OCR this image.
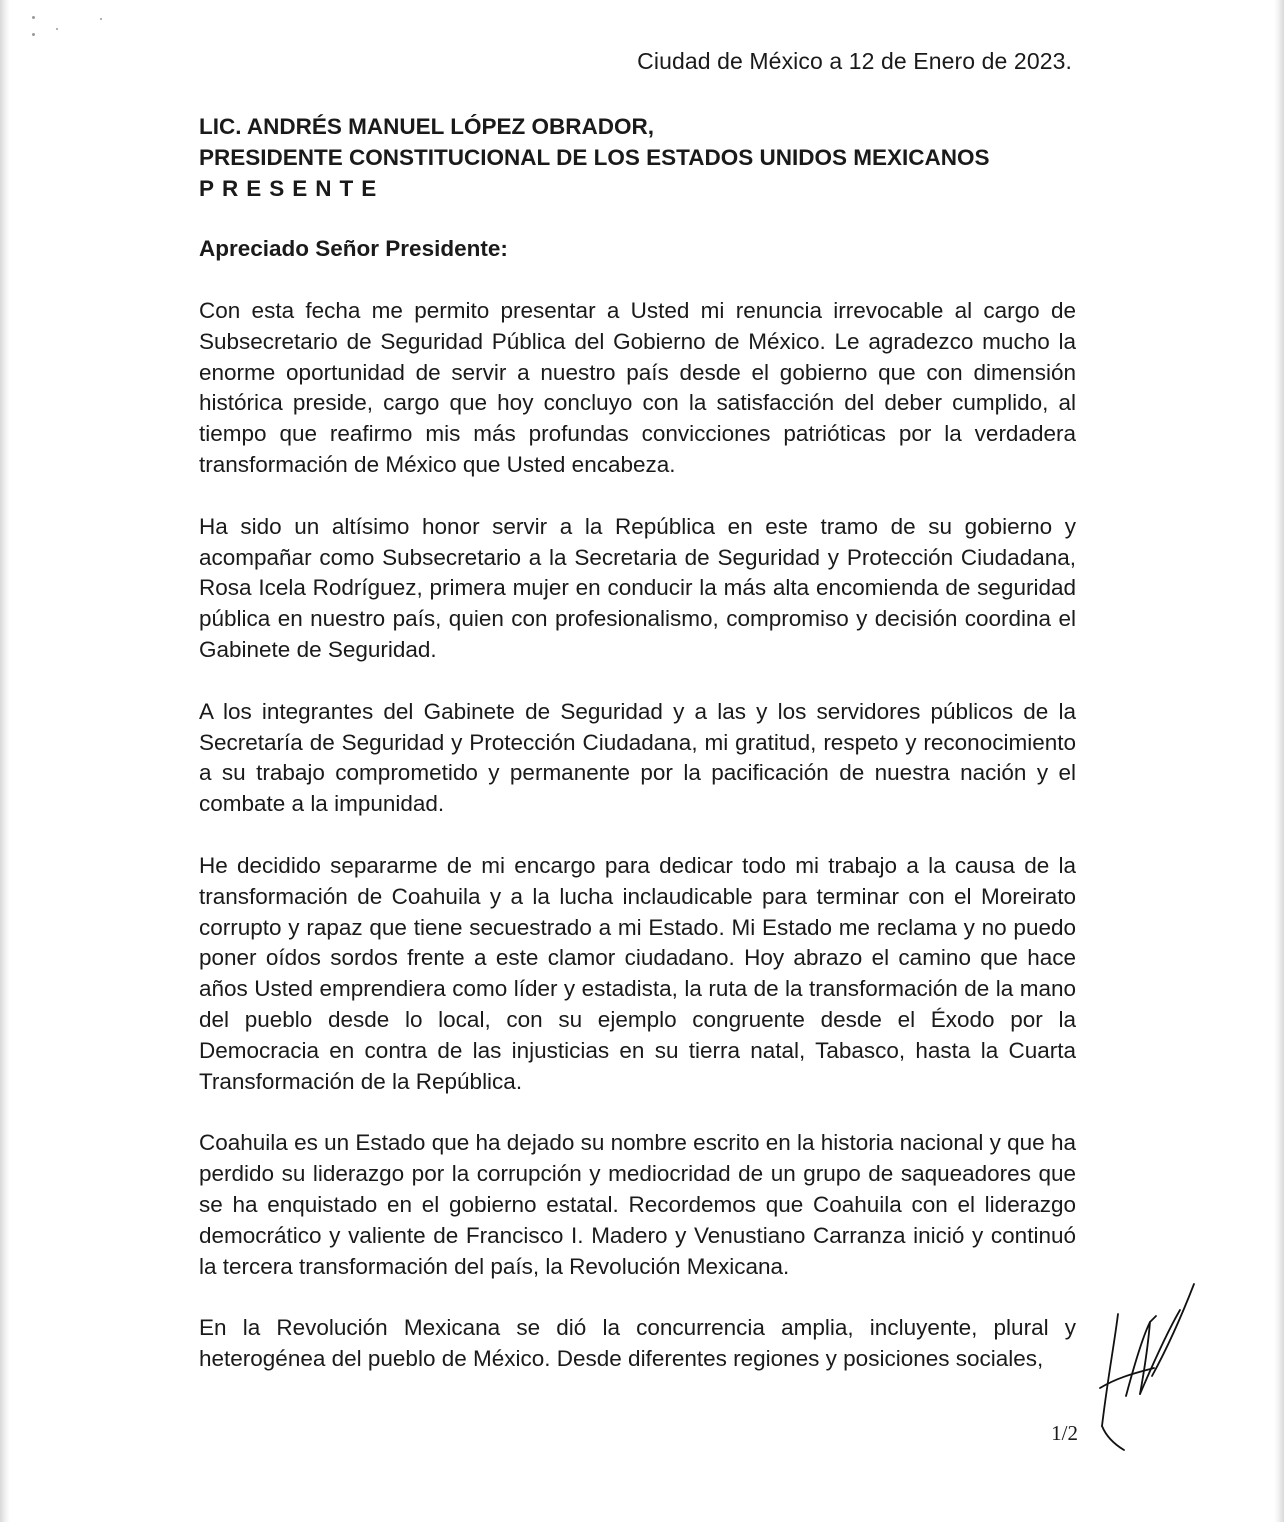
Ciudad de México a 12 de Enero de 2023.
LIC. ANDRÉS MANUEL LÓPEZ OBRADOR,
PRESIDENTE CONSTITUCIONAL DE LOS ESTADOS UNIDOS MEXICANOS
PRESENTE
Apreciado Señor Presidente:

Con esta fecha me permito presentar a Usted mi renuncia irrevocable al cargo de Subsecretario de Seguridad Pública del Gobierno de México. Le agradezco mucho la enorme oportunidad de servir a nuestro país desde el gobierno que con dimensión histórica preside, cargo que hoy concluyo con la satisfacción del deber cumplido, al tiempo que reafirmo mis más profundas convicciones patrióticas por la verdadera transformación de México que Usted encabeza.

Ha sido un altísimo honor servir a la República en este tramo de su gobierno y acompañar como Subsecretario a la Secretaria de Seguridad y Protección Ciudadana, Rosa Icela Rodríguez, primera mujer en conducir la más alta encomienda de seguridad pública en nuestro país, quien con profesionalismo, compromiso y decisión coordina el Gabinete de Seguridad.

A los integrantes del Gabinete de Seguridad y a las y los servidores públicos de la Secretaría de Seguridad y Protección Ciudadana, mi gratitud, respeto y reconocimiento a su trabajo comprometido y permanente por la pacificación de nuestra nación y el combate a la impunidad.

He decidido separarme de mi encargo para dedicar todo mi trabajo a la causa de la transformación de Coahuila y a la lucha inclaudicable para terminar con el Moreirato corrupto y rapaz que tiene secuestrado a mi Estado. Mi Estado me reclama y no puedo poner oídos sordos frente a este clamor ciudadano. Hoy abrazo el camino que hace años Usted emprendiera como líder y estadista, la ruta de la transformación de la mano del pueblo desde lo local, con su ejemplo congruente desde el Éxodo por la Democracia en contra de las injusticias en su tierra natal, Tabasco, hasta la Cuarta Transformación de la República.

Coahuila es un Estado que ha dejado su nombre escrito en la historia nacional y que ha perdido su liderazgo por la corrupción y mediocridad de un grupo de saqueadores que se ha enquistado en el gobierno estatal. Recordemos que Coahuila con el liderazgo democrático y valiente de Francisco I. Madero y Venustiano Carranza inició y continuó la tercera transformación del país, la Revolución Mexicana.

En la Revolución Mexicana se dió la concurrencia amplia, incluyente, plural y heterogénea del pueblo de México. Desde diferentes regiones y posiciones sociales,

1/2
